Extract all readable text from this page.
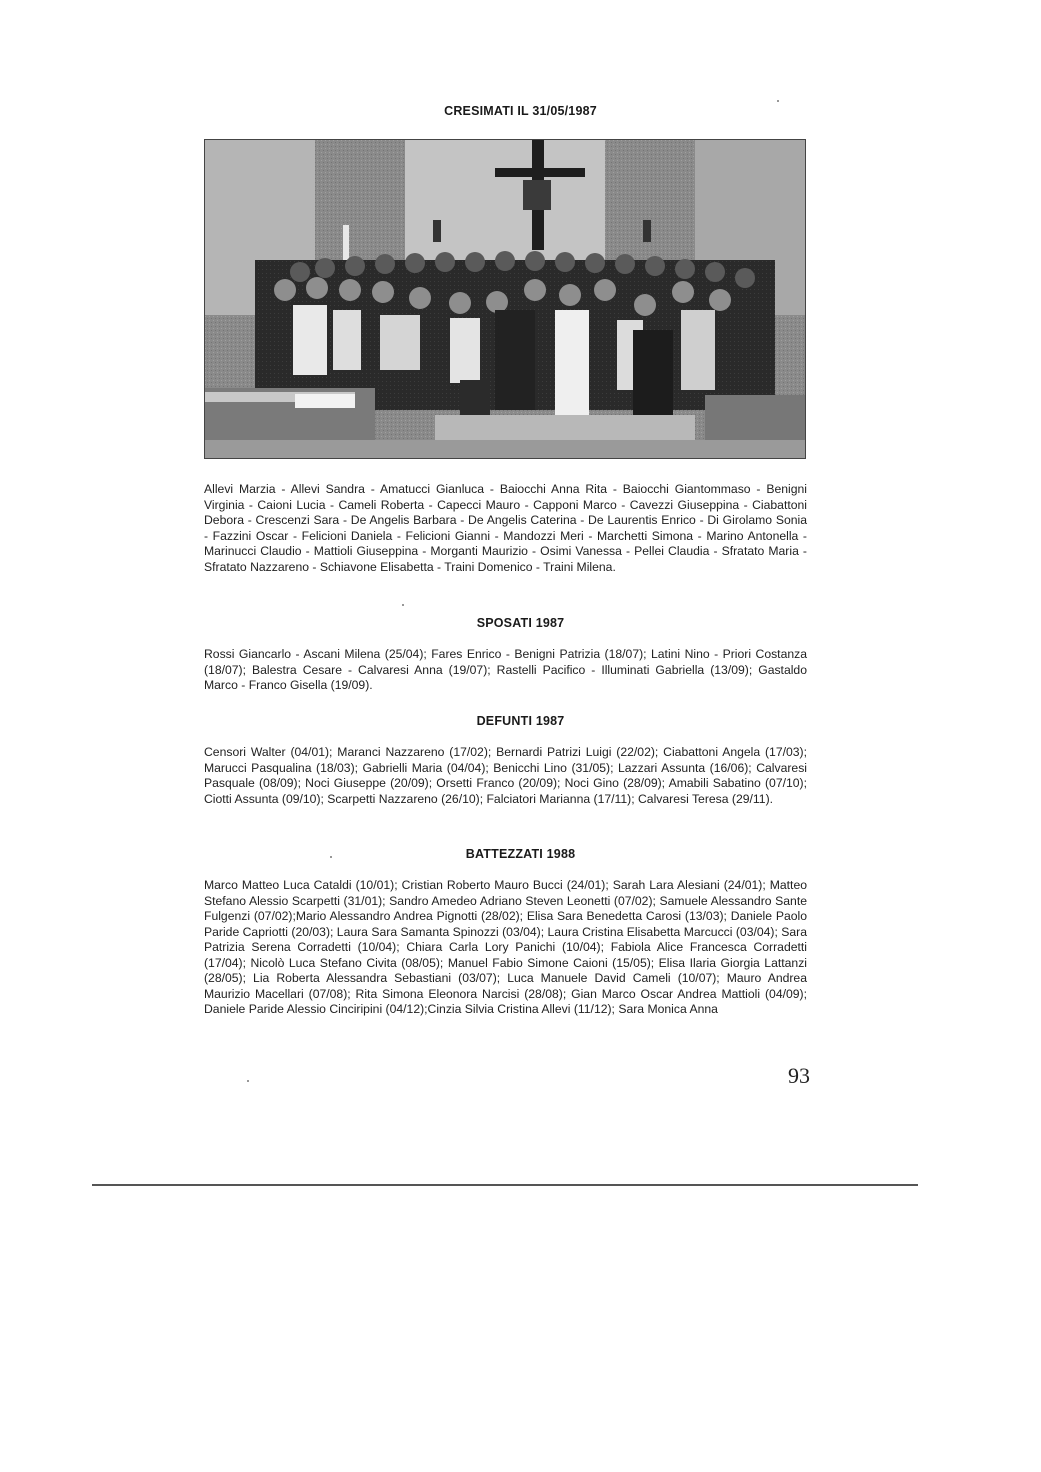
CRESIMATI IL 31/05/1987
Allevi Marzia - Allevi Sandra - Amatucci Gianluca - Baiocchi Anna Rita - Baiocchi Giantommaso - Benigni Virginia - Caioni Lucia - Cameli Roberta - Capecci Mauro - Capponi Marco - Cavezzi Giuseppina - Ciabattoni Debora - Crescenzi Sara - De Angelis Barbara - De Angelis Caterina - De Laurentis Enrico - Di Girolamo Sonia - Fazzini Oscar - Felicioni Daniela - Felicioni Gianni - Mandozzi Meri - Marchetti Simona - Marino Antonella - Marinucci Claudio - Mattioli Giuseppina - Morganti Maurizio - Osimi Vanessa - Pellei Claudia - Sfratato Maria - Sfratato Nazzareno - Schiavone Elisabetta - Traini Domenico - Traini Milena.
SPOSATI 1987
Rossi Giancarlo - Ascani Milena (25/04); Fares Enrico - Benigni Patrizia (18/07); Latini Nino - Priori Costanza (18/07); Balestra Cesare - Calvaresi Anna (19/07); Rastelli Pacifico - Illuminati Gabriella (13/09); Gastaldo Marco - Franco Gisella (19/09).
DEFUNTI 1987
Censori Walter (04/01); Maranci Nazzareno (17/02); Bernardi Patrizi Luigi (22/02); Ciabattoni Angela (17/03); Marucci Pasqualina (18/03); Gabrielli Maria (04/04); Benicchi Lino (31/05); Lazzari Assunta (16/06); Calvaresi Pasquale (08/09); Noci Giuseppe (20/09); Orsetti Franco (20/09); Noci Gino (28/09); Amabili Sabatino (07/10); Ciotti Assunta (09/10); Scarpetti Nazzareno (26/10); Falciatori Marianna (17/11); Calvaresi Teresa (29/11).
BATTEZZATI 1988
Marco Matteo Luca Cataldi (10/01); Cristian Roberto Mauro Bucci (24/01); Sarah Lara Alesiani (24/01); Matteo Stefano Alessio Scarpetti (31/01); Sandro Amedeo Adriano Steven Leonetti (07/02); Samuele Alessandro Sante Fulgenzi (07/02);Mario Alessandro Andrea Pignotti (28/02); Elisa Sara Benedetta Carosi (13/03); Daniele Paolo Paride Capriotti (20/03); Laura Sara Samanta Spinozzi (03/04); Laura Cristina Elisabetta Marcucci (03/04); Sara Patrizia Serena Corradetti (10/04); Chiara Carla Lory Panichi (10/04); Fabiola Alice Francesca Corradetti (17/04); Nicolò Luca Stefano Civita (08/05); Manuel Fabio Simone Caioni (15/05); Elisa Ilaria Giorgia Lattanzi (28/05); Lia Roberta Alessandra Sebastiani (03/07); Luca Manuele David Cameli (10/07); Mauro Andrea Maurizio Macellari (07/08); Rita Simona Eleonora Narcisi (28/08); Gian Marco Oscar Andrea Mattioli (04/09); Daniele Paride Alessio Cinciripini (04/12);Cinzia Silvia Cristina Allevi (11/12); Sara Monica Anna
93
